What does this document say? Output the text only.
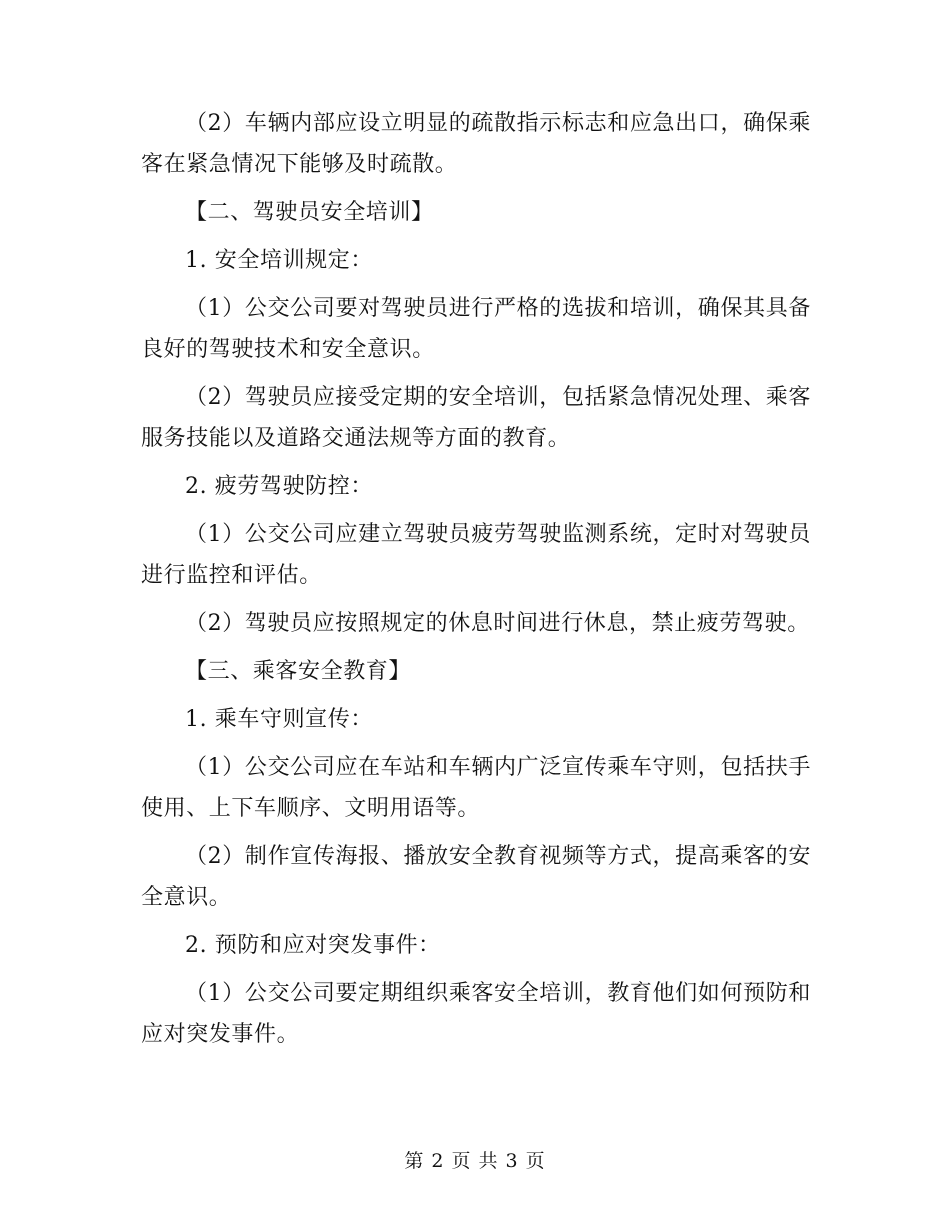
（2）车辆内部应设立明显的疏散指示标志和应急出口，确保乘客在紧急情况下能够及时疏散。

【二、驾驶员安全培训】

1. 安全培训规定：

（1）公交公司要对驾驶员进行严格的选拔和培训，确保其具备良好的驾驶技术和安全意识。

（2）驾驶员应接受定期的安全培训，包括紧急情况处理、乘客服务技能以及道路交通法规等方面的教育。

2. 疲劳驾驶防控：

（1）公交公司应建立驾驶员疲劳驾驶监测系统，定时对驾驶员进行监控和评估。

（2）驾驶员应按照规定的休息时间进行休息，禁止疲劳驾驶。

【三、乘客安全教育】

1. 乘车守则宣传：

（1）公交公司应在车站和车辆内广泛宣传乘车守则，包括扶手使用、上下车顺序、文明用语等。

（2）制作宣传海报、播放安全教育视频等方式，提高乘客的安全意识。

2. 预防和应对突发事件：

（1）公交公司要定期组织乘客安全培训，教育他们如何预防和应对突发事件。

第 2 页 共 3 页
